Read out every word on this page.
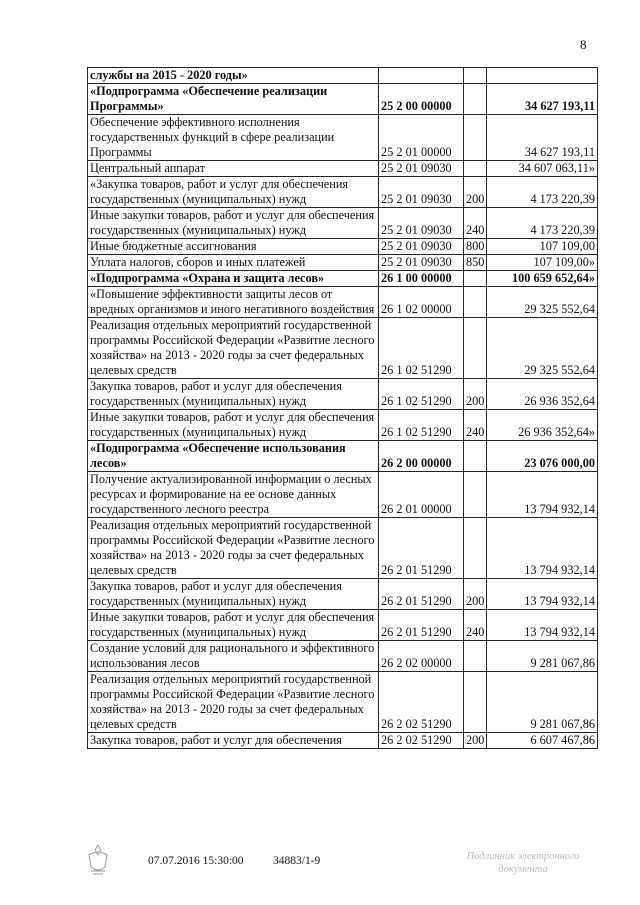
8
службы на 2015 - 2020 годы»			
«Подпрограмма «Обеспечение реализации Программы»	25 2 00 00000		34 627 193,11
Обеспечение эффективного исполнения государственных функций в сфере реализации Программы	25 2 01 00000		34 627 193,11
Центральный аппарат	25 2 01 09030		34 607 063,11»
«Закупка товаров, работ и услуг для обеспечения государственных (муниципальных) нужд	25 2 01 09030	200	4 173 220,39
Иные закупки товаров, работ и услуг для обеспечения государственных (муниципальных) нужд	25 2 01 09030	240	4 173 220,39
Иные бюджетные ассигнования	25 2 01 09030	800	107 109,00
Уплата налогов, сборов и иных платежей	25 2 01 09030	850	107 109,00»
«Подпрограмма «Охрана и защита лесов»	26 1 00 00000		100 659 652,64»
«Повышение эффективности защиты лесов от вредных организмов и иного негативного воздействия	26 1 02 00000		29 325 552,64
Реализация отдельных мероприятий государственной программы Российской Федерации «Развитие лесного хозяйства» на 2013 - 2020 годы за счет федеральных целевых средств	26 1 02 51290		29 325 552,64
Закупка товаров, работ и услуг для обеспечения государственных (муниципальных) нужд	26 1 02 51290	200	26 936 352,64
Иные закупки товаров, работ и услуг для обеспечения государственных (муниципальных) нужд	26 1 02 51290	240	26 936 352,64»
«Подпрограмма «Обеспечение использования лесов»	26 2 00 00000		23 076 000,00
Получение актуализированной информации о лесных ресурсах и формирование на ее основе данных государственного лесного реестра	26 2 01 00000		13 794 932,14
Реализация отдельных мероприятий государственной программы Российской Федерации «Развитие лесного хозяйства» на 2013 - 2020 годы за счет федеральных целевых средств	26 2 01 51290		13 794 932,14
Закупка товаров, работ и услуг для обеспечения государственных (муниципальных) нужд	26 2 01 51290	200	13 794 932,14
Иные закупки товаров, работ и услуг для обеспечения государственных (муниципальных) нужд	26 2 01 51290	240	13 794 932,14
Создание условий для рационального и эффективного использования лесов	26 2 02 00000		9 281 067,86
Реализация отдельных мероприятий государственной программы Российской Федерации «Развитие лесного хозяйства» на 2013 - 2020 годы за счет федеральных целевых средств	26 2 02 51290		9 281 067,86
Закупка товаров, работ и услуг для обеспечения	26 2 02 51290	200	6 607 467,86
07.07.2016 15:30:00	34883/1-9	Подлинник электронного документа
